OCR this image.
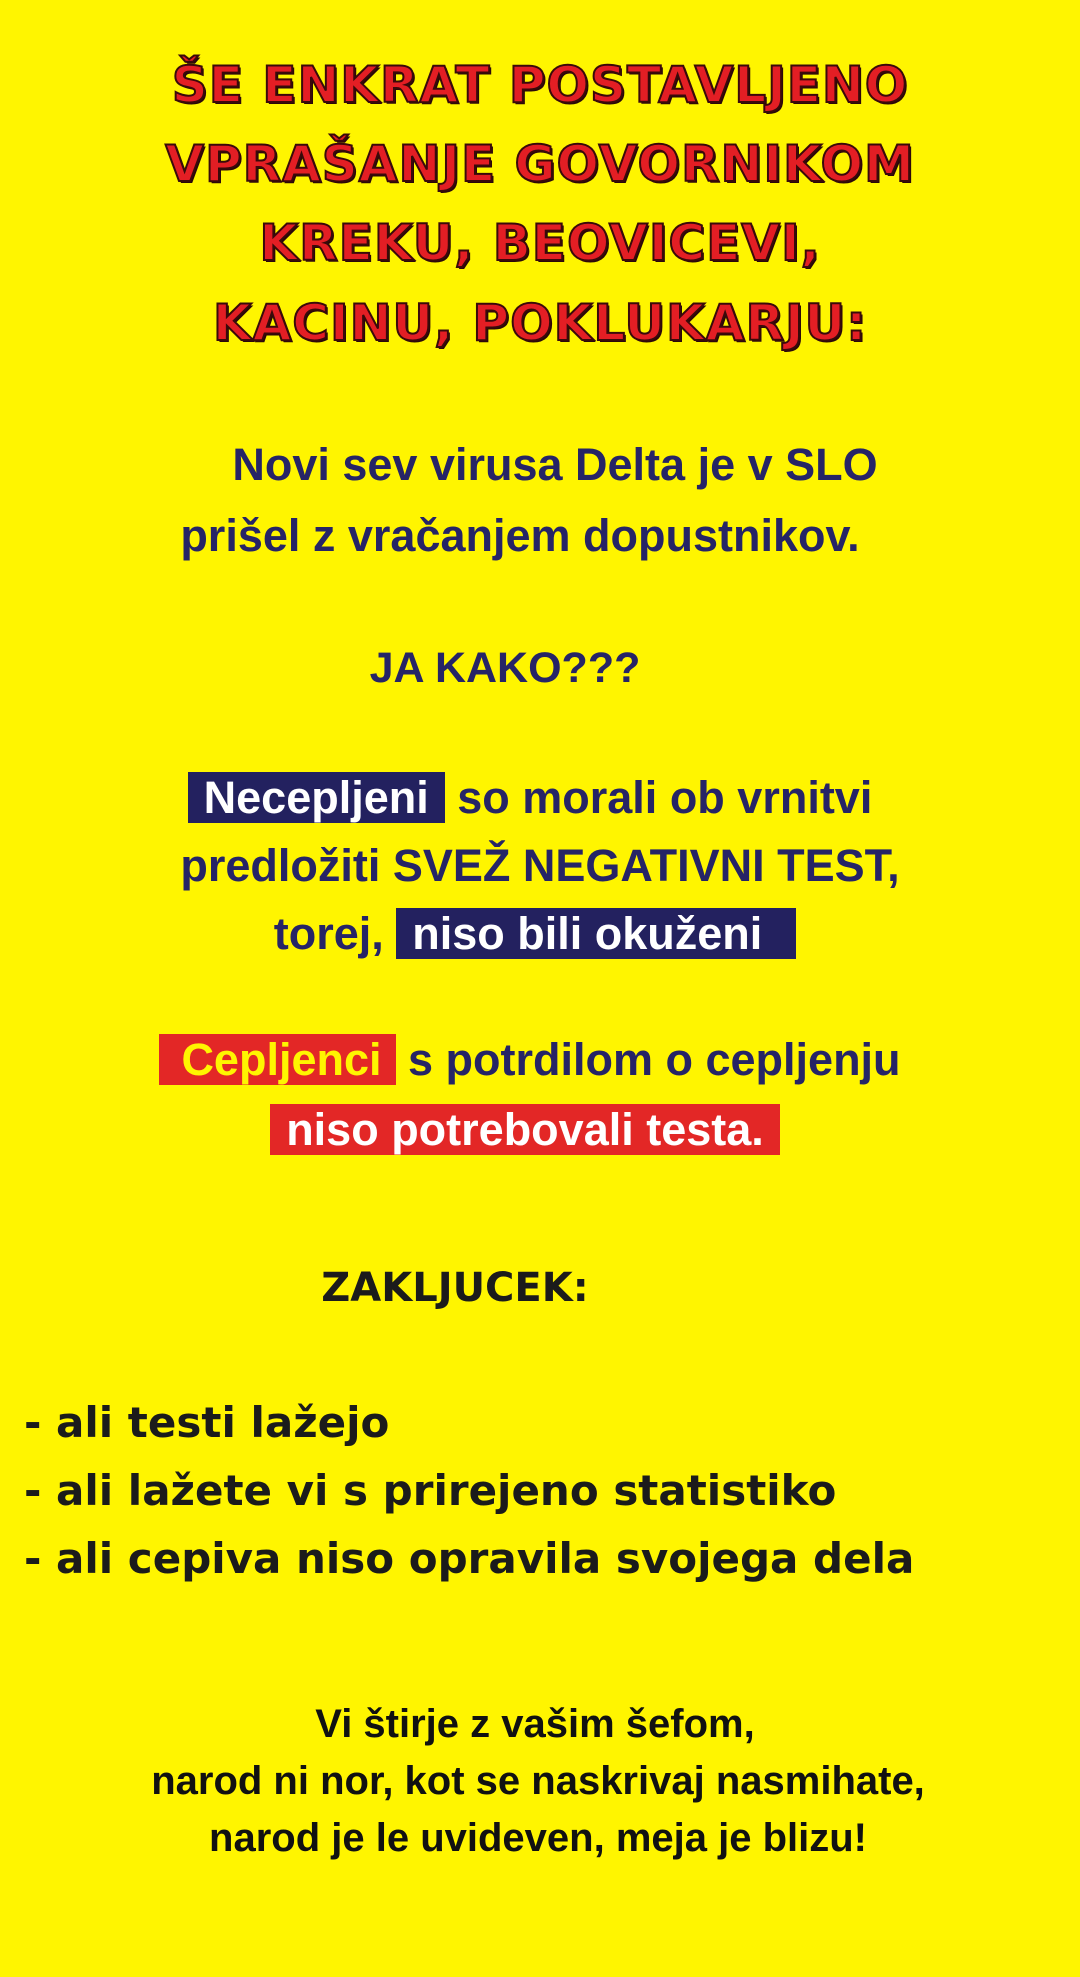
ŠE ENKRAT POSTAVLJENO
VPRAŠANJE GOVORNIKOM
KREKU, BEOVICEVI,
KACINU, POKLUKARJU:
Novi sev virusa Delta je v SLO
prišel z vračanjem dopustnikov.
JA KAKO???
Necepljeni so morali ob vrnitvi
predložiti SVEŽ NEGATIVNI TEST,
torej, niso bili okuženi
Cepljenci s potrdilom o cepljenju
niso potrebovali testa.
ZAKLJUCEK:
- ali testi lažejo
- ali lažete vi s prirejeno statistiko
- ali cepiva niso opravila svojega dela
Vi štirje z vašim šefom,
narod ni nor, kot se naskrivaj nasmihate,
narod je le uvideven, meja je blizu!
